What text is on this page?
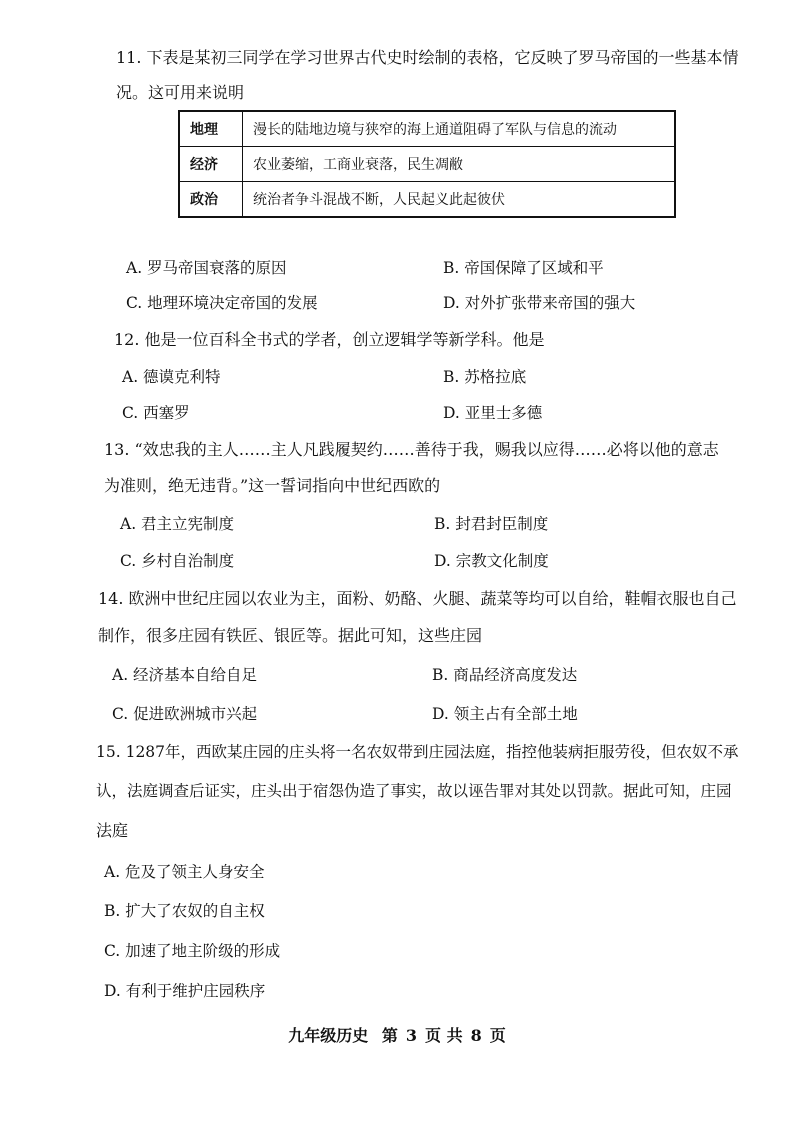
11. 下表是某初三同学在学习世界古代史时绘制的表格，它反映了罗马帝国的一些基本情
况。这可用来说明
地理	漫长的陆地边境与狭窄的海上通道阻碍了军队与信息的流动
经济	农业萎缩，工商业衰落，民生凋敝
政治	统治者争斗混战不断，人民起义此起彼伏
A. 罗马帝国衰落的原因	B. 帝国保障了区域和平
C. 地理环境决定帝国的发展	D. 对外扩张带来帝国的强大
12. 他是一位百科全书式的学者，创立逻辑学等新学科。他是
A. 德谟克利特	B. 苏格拉底
C. 西塞罗	D. 亚里士多德
13. “效忠我的主人……主人凡践履契约……善待于我，赐我以应得……必将以他的意志
为准则，绝无违背。”这一誓词指向中世纪西欧的
A. 君主立宪制度	B. 封君封臣制度
C. 乡村自治制度	D. 宗教文化制度
14. 欧洲中世纪庄园以农业为主，面粉、奶酪、火腿、蔬菜等均可以自给，鞋帽衣服也自己
制作，很多庄园有铁匠、银匠等。据此可知，这些庄园
A. 经济基本自给自足	B. 商品经济高度发达
C. 促进欧洲城市兴起	D. 领主占有全部土地
15. 1287年，西欧某庄园的庄头将一名农奴带到庄园法庭，指控他装病拒服劳役，但农奴不承
认，法庭调查后证实，庄头出于宿怨伪造了事实，故以诬告罪对其处以罚款。据此可知，庄园
法庭
A. 危及了领主人身安全
B. 扩大了农奴的自主权
C. 加速了地主阶级的形成
D. 有利于维护庄园秩序
九年级历史 第 3 页 共 8 页
